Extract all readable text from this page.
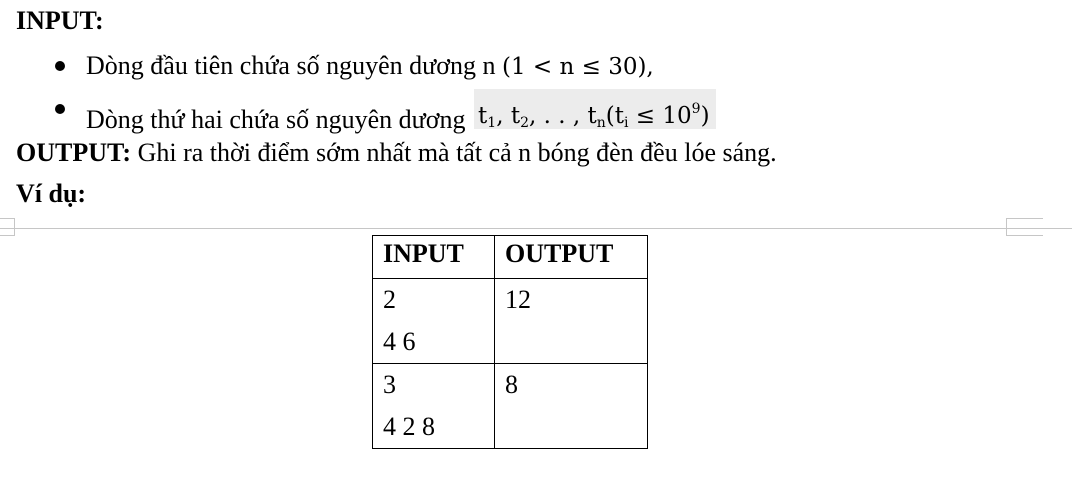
INPUT:
Dòng đầu tiên chứa số nguyên dương n (1 < n ≤ 30),
Dòng thứ hai chứa số nguyên dương $t_1$, $t_2$, . . , $t_n(t_i \le 10^9)$
OUTPUT: Ghi ra thời điểm sớm nhất mà tất cả n bóng đèn đều lóe sáng.
Ví dụ:
INPUT	OUTPUT

2
4 6	12

3
4 2 8	8
